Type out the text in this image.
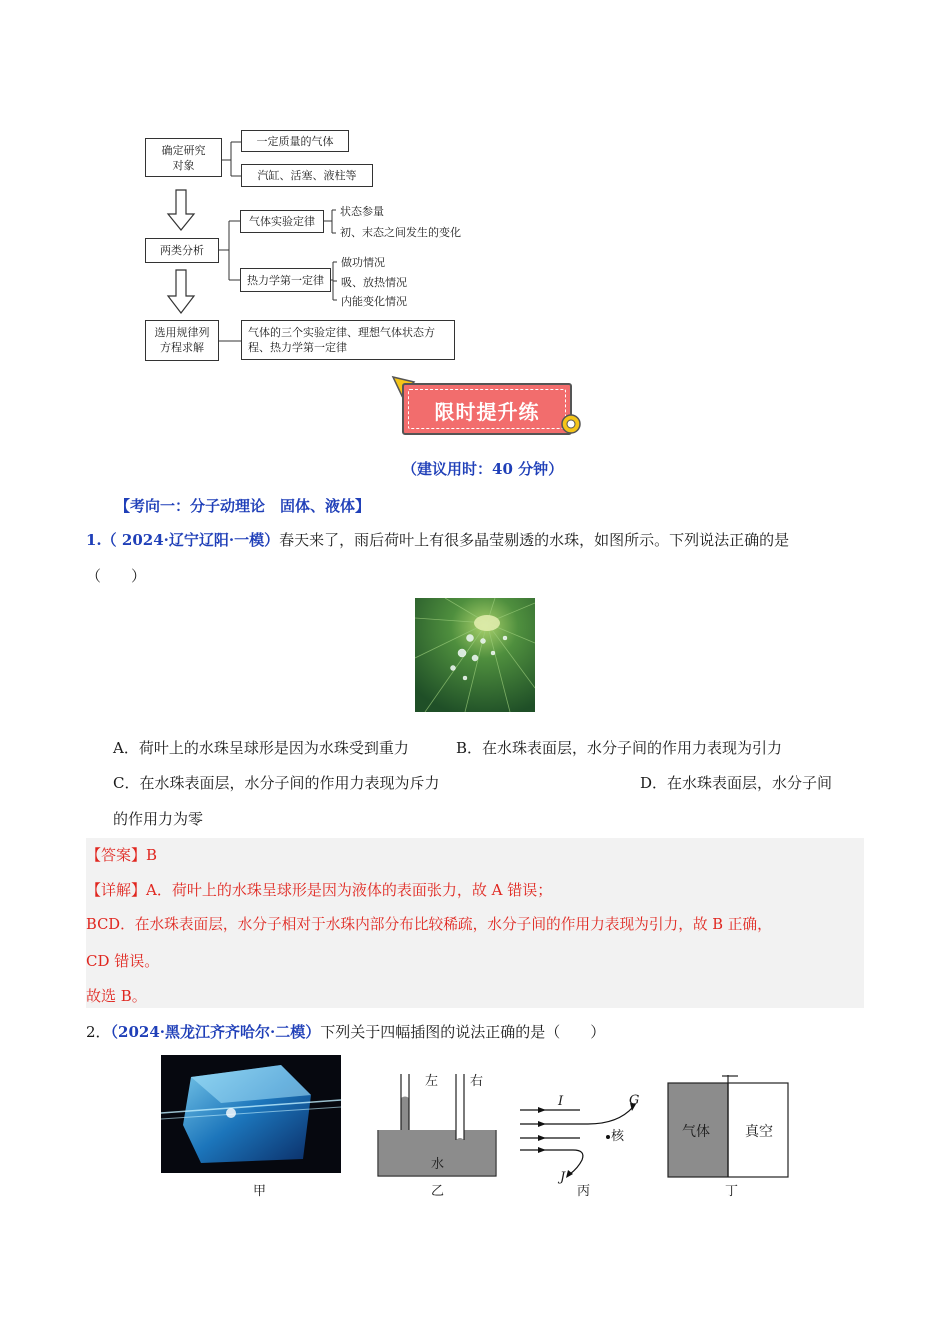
确定研究对象
一定质量的气体
汽缸、活塞、液柱等
两类分析
气体实验定律
状态参量
初、末态之间发生的变化
热力学第一定律
做功情况
吸、放热情况
内能变化情况
选用规律列方程求解
气体的三个实验定律、理想气体状态方程、热力学第一定律
限时提升练
（建议用时：40 分钟）
【考向一：分子动理论　固体、液体】
1.（ 2024·辽宁辽阳·一模）春天来了，雨后荷叶上有很多晶莹剔透的水珠，如图所示。下列说法正确的是
（　　）
A．荷叶上的水珠呈球形是因为水珠受到重力	B．在水珠表面层，水分子间的作用力表现为引力
C．在水珠表面层，水分子间的作用力表现为斥力	D．在水珠表面层，水分子间
的作用力为零
【答案】B
【详解】A．荷叶上的水珠呈球形是因为液体的表面张力，故 A 错误；
BCD．在水珠表面层，水分子相对于水珠内部分布比较稀疏，水分子间的作用力表现为引力，故 B 正确，
CD 错误。
故选 B。
2．（2024·黑龙江齐齐哈尔·二模）下列关于四幅插图的说法正确的是（　　）
左 右
水
I	G
J
核	气体	真空
甲	乙	丙	丁
